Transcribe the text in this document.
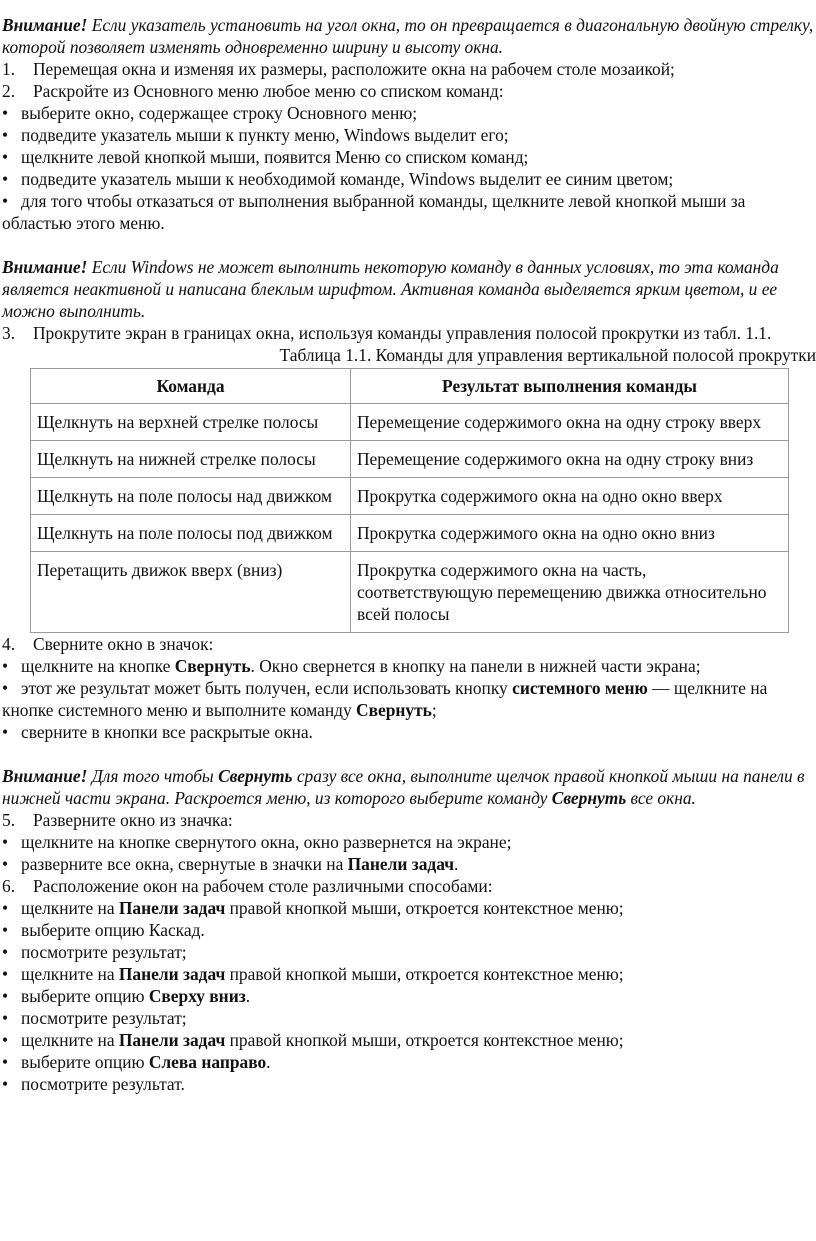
Внимание! Если указатель установить на угол окна, то он превращается в диагональную двойную стрелку, которой позволяет изменять одновременно ширину и высоту окна.

1. Перемещая окна и изменяя их размеры, расположите окна на рабочем столе мозаикой;

2. Раскройте из Основного меню любое меню со списком команд:

• выберите окно, содержащее строку Основного меню;

• подведите указатель мыши к пункту меню, Windows выделит его;

• щелкните левой кнопкой мыши, появится Меню со списком команд;

• подведите указатель мыши к необходимой команде, Windows выделит ее синим цветом;

• для того чтобы отказаться от выполнения выбранной команды, щелкните левой кнопкой мыши за областью этого меню.

Внимание! Если Windows не может выполнить некоторую команду в данных условиях, то эта команда является неактивной и написана блеклым шрифтом. Активная команда выделяется ярким цветом, и ее можно выполнить.

3. Прокрутите экран в границах окна, используя команды управления полосой прокрутки из табл. 1.1.

Таблица 1.1. Команды для управления вертикальной полосой прокрутки

Команда	Результат выполнения команды
Щелкнуть на верхней стрелке полосы	Перемещение содержимого окна на одну строку вверх
Щелкнуть на нижней стрелке полосы	Перемещение содержимого окна на одну строку вниз
Щелкнуть на поле полосы над движком	Прокрутка содержимого окна на одно окно вверх
Щелкнуть на поле полосы под движком	Прокрутка содержимого окна на одно окно вниз
Перетащить движок вверх (вниз)	Прокрутка содержимого окна на часть, соответствующую перемещению движка относительно всей полосы

4. Сверните окно в значок:

• щелкните на кнопке Свернуть. Окно свернется в кнопку на панели в нижней части экрана;

• этот же результат может быть получен, если использовать кнопку системного меню — щелкните на кнопке системного меню и выполните команду Свернуть;

• сверните в кнопки все раскрытые окна.

Внимание! Для того чтобы Свернуть сразу все окна, выполните щелчок правой кнопкой мыши на панели в нижней части экрана. Раскроется меню, из которого выберите команду Свернуть все окна.

5. Разверните окно из значка:

• щелкните на кнопке свернутого окна, окно развернется на экране;

• разверните все окна, свернутые в значки на Панели задач.

6. Расположение окон на рабочем столе различными способами:

• щелкните на Панели задач правой кнопкой мыши, откроется контекстное меню;

• выберите опцию Каскад.

• посмотрите результат;

• щелкните на Панели задач правой кнопкой мыши, откроется контекстное меню;

• выберите опцию Сверху вниз.

• посмотрите результат;

• щелкните на Панели задач правой кнопкой мыши, откроется контекстное меню;

• выберите опцию Слева направо.

• посмотрите результат.
